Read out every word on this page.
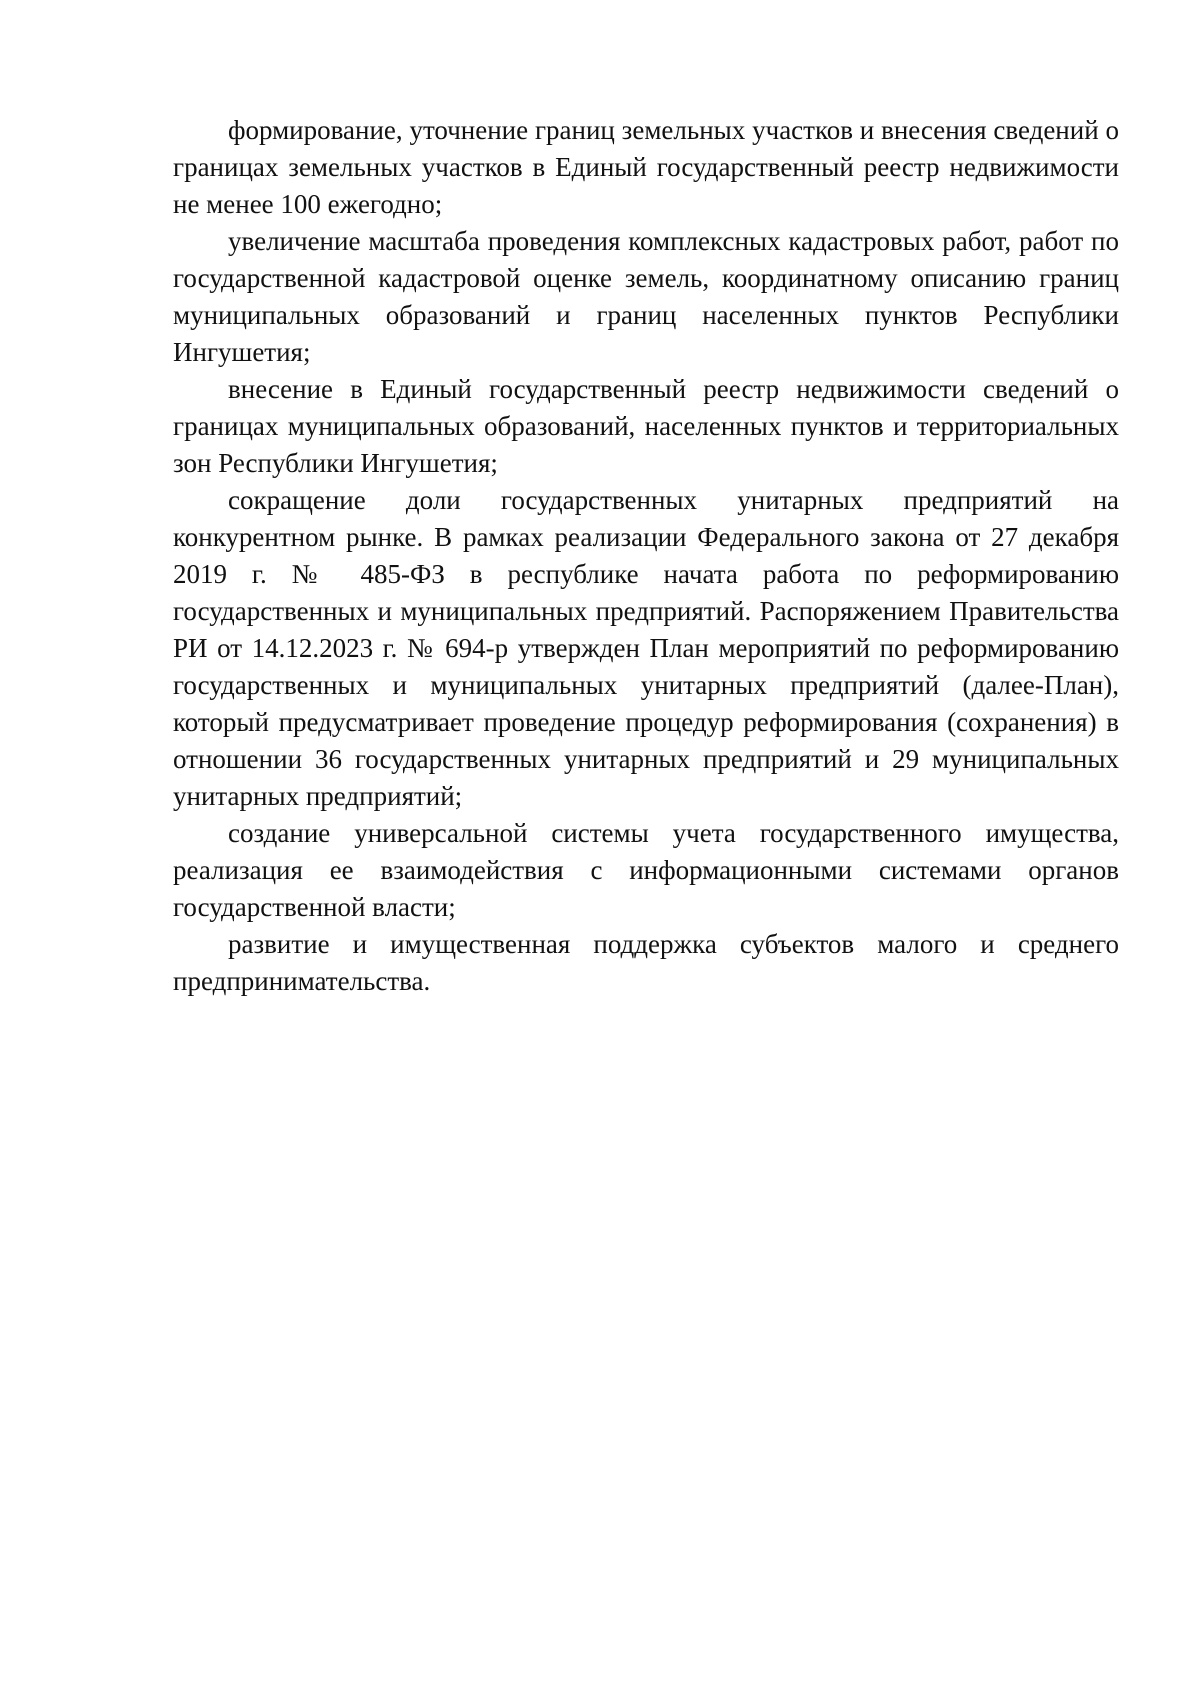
формирование, уточнение границ земельных участков и внесения сведений о границах земельных участков в Единый государственный реестр недвижимости не менее 100 ежегодно;

увеличение масштаба проведения комплексных кадастровых работ, работ по государственной кадастровой оценке земель, координатному описанию границ муниципальных образований и границ населенных пунктов Республики Ингушетия;

внесение в Единый государственный реестр недвижимости сведений о границах муниципальных образований, населенных пунктов и территориальных зон Республики Ингушетия;

сокращение доли государственных унитарных предприятий на конкурентном рынке. В рамках реализации Федерального закона от 27 декабря 2019 г. № 485-ФЗ в республике начата работа по реформированию государственных и муниципальных предприятий. Распоряжением Правительства РИ от 14.12.2023 г. № 694-р утвержден План мероприятий по реформированию государственных и муниципальных унитарных предприятий (далее-План), который предусматривает проведение процедур реформирования (сохранения) в отношении 36 государственных унитарных предприятий и 29 муниципальных унитарных предприятий;

создание универсальной системы учета государственного имущества, реализация ее взаимодействия с информационными системами органов государственной власти;

развитие и имущественная поддержка субъектов малого и среднего предпринимательства.
